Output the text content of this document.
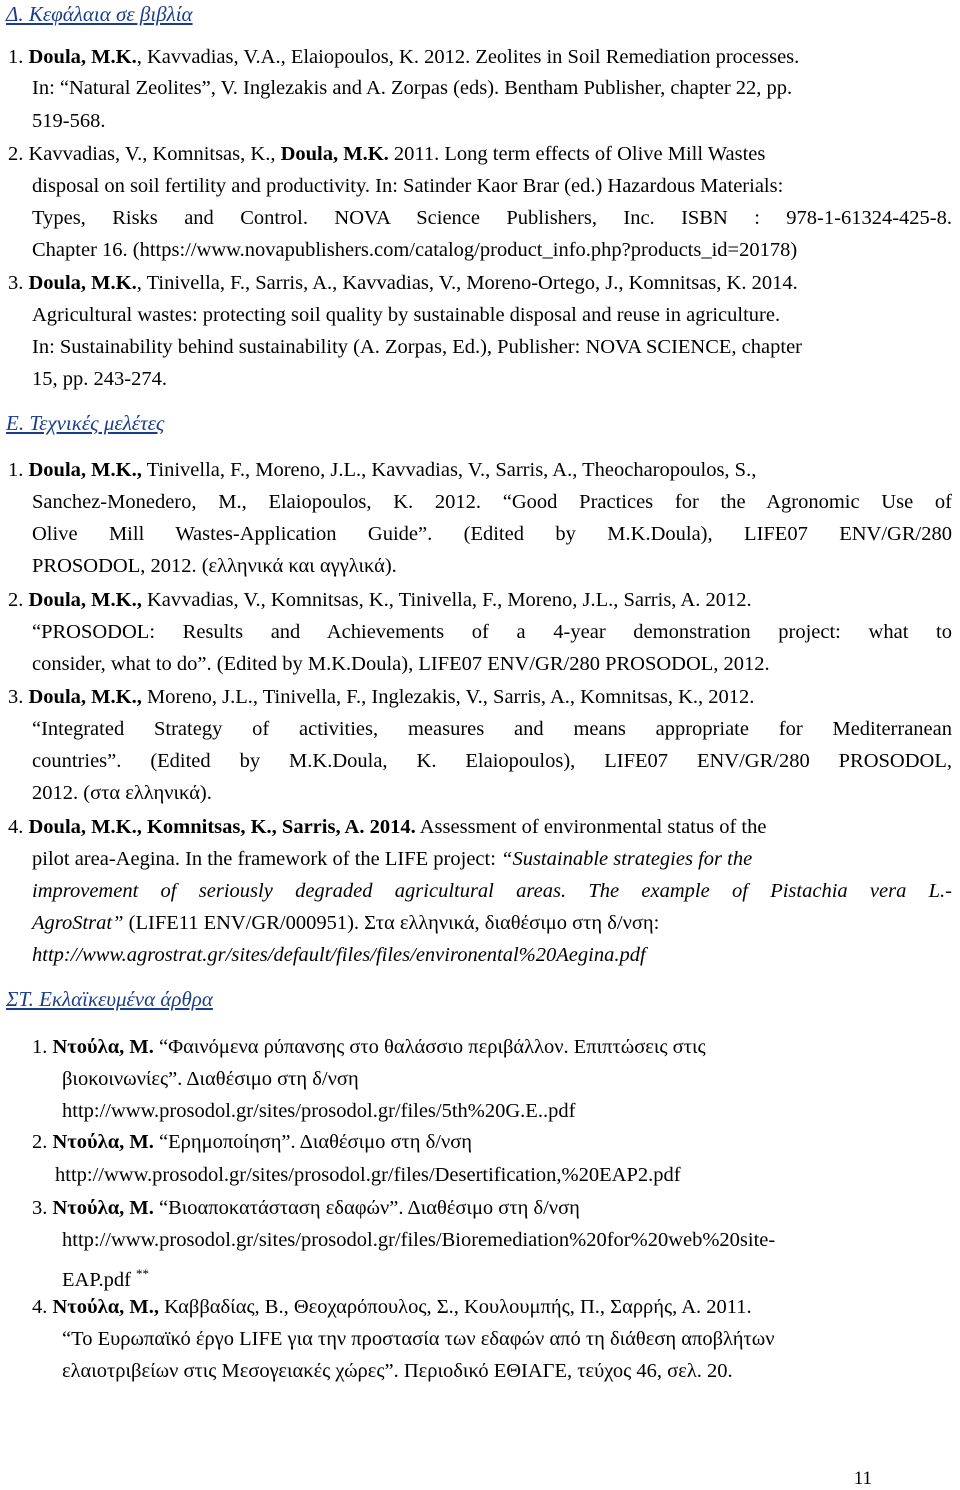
Δ. Κεφάλαια σε βιβλία
1. Doula, M.K., Kavvadias, V.A., Elaiopoulos, K. 2012. Zeolites in Soil Remediation processes.
In: “Natural Zeolites”, V. Inglezakis and A. Zorpas (eds). Bentham Publisher, chapter 22, pp.
519-568.
2. Kavvadias, V., Komnitsas, K., Doula, M.K. 2011. Long term effects of Olive Mill Wastes
disposal on soil fertility and productivity. In: Satinder Kaor Brar (ed.) Hazardous Materials:
Types, Risks and Control. NOVA Science Publishers, Inc. ISBN : 978-1-61324-425-8.
Chapter 16. (https://www.novapublishers.com/catalog/product_info.php?products_id=20178)
3. Doula, M.K., Tinivella, F., Sarris, A., Kavvadias, V., Moreno-Ortego, J., Komnitsas, K. 2014.
Agricultural wastes: protecting soil quality by sustainable disposal and reuse in agriculture.
In: Sustainability behind sustainability (A. Zorpas, Ed.), Publisher: NOVA SCIENCE, chapter
15, pp. 243-274.
Ε. Τεχνικές μελέτες
1. Doula, M.K., Tinivella, F., Moreno, J.L., Kavvadias, V., Sarris, A., Theocharopoulos, S.,
Sanchez-Monedero, M., Elaiopoulos, K. 2012. “Good Practices for the Agronomic Use of
Olive Mill Wastes-Application Guide”. (Edited by M.K.Doula), LIFE07 ENV/GR/280
PROSODOL, 2012. (ελληνικά και αγγλικά).
2. Doula, M.K., Kavvadias, V., Komnitsas, K., Tinivella, F., Moreno, J.L., Sarris, A. 2012.
“PROSODOL: Results and Achievements of a 4-year demonstration project: what to
consider, what to do”. (Edited by M.K.Doula), LIFE07 ENV/GR/280 PROSODOL, 2012.
3. Doula, M.K., Moreno, J.L., Tinivella, F., Inglezakis, V., Sarris, A., Komnitsas, K., 2012.
“Integrated Strategy of activities, measures and means appropriate for Mediterranean
countries”. (Edited by M.K.Doula, K. Elaiopoulos), LIFE07 ENV/GR/280 PROSODOL,
2012. (στα ελληνικά).
4. Doula, M.K., Komnitsas, K., Sarris, A. 2014. Assessment of environmental status of the
pilot area-Aegina. In the framework of the LIFE project: “Sustainable strategies for the
improvement of seriously degraded agricultural areas. The example of Pistachia vera L.-
AgroStrat” (LIFE11 ENV/GR/000951). Στα ελληνικά, διαθέσιμο στη δ/νση:
http://www.agrostrat.gr/sites/default/files/files/environental%20Aegina.pdf
ΣΤ. Εκλαϊκευμένα άρθρα
1. Ντούλα, Μ. “Φαινόμενα ρύπανσης στο θαλάσσιο περιβάλλον. Επιπτώσεις στις
βιοκοινωνίες”. Διαθέσιμο στη δ/νση
http://www.prosodol.gr/sites/prosodol.gr/files/5th%20G.E..pdf
2. Ντούλα, Μ. “Ερημοποίηση”. Διαθέσιμο στη δ/νση
http://www.prosodol.gr/sites/prosodol.gr/files/Desertification,%20EAP2.pdf
3. Ντούλα, Μ. “Βιοαποκατάσταση εδαφών”. Διαθέσιμο στη δ/νση
http://www.prosodol.gr/sites/prosodol.gr/files/Bioremediation%20for%20web%20site-
EAP.pdf **
4. Ντούλα, Μ., Καββαδίας, Β., Θεοχαρόπουλος, Σ., Κουλουμπής, Π., Σαρρής, Α. 2011.
“Το Ευρωπαϊκό έργο LIFE για την προστασία των εδαφών από τη διάθεση αποβλήτων
ελαιοτριβείων στις Μεσογειακές χώρες”. Περιοδικό ΕΘΙΑΓΕ, τεύχος 46, σελ. 20.
11
